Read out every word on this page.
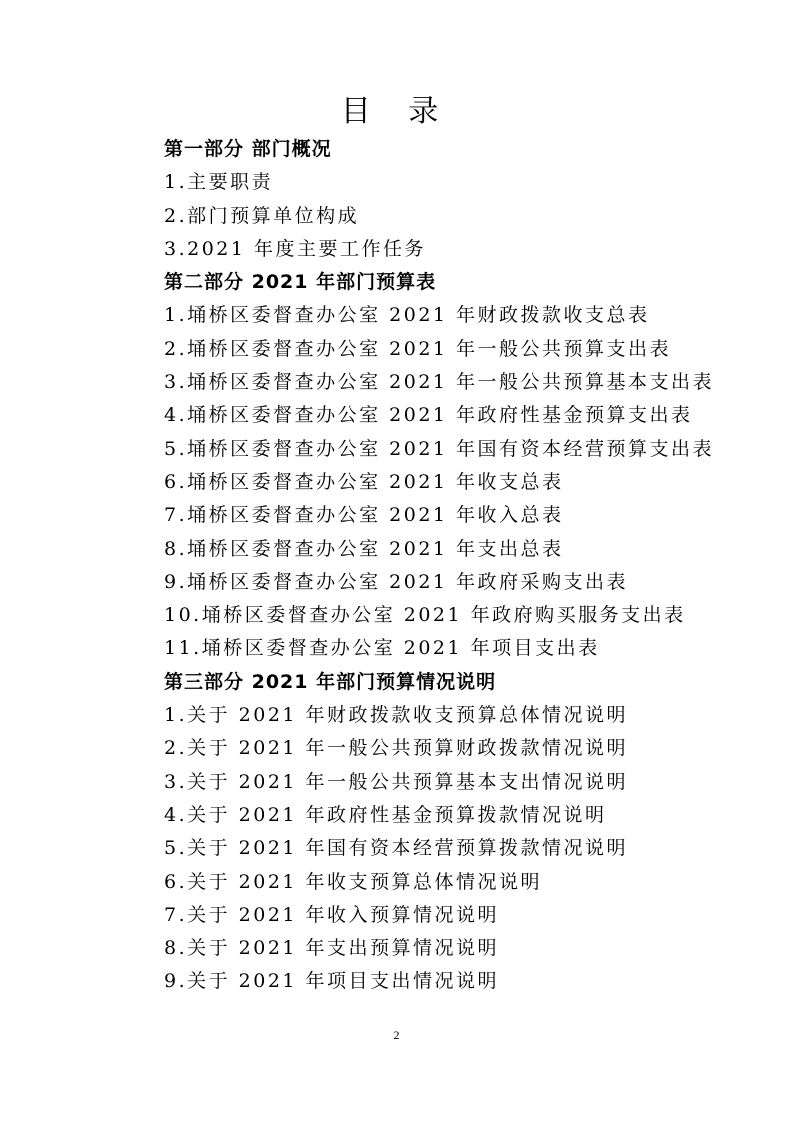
目 录
第一部分 部门概况
1.主要职责
2.部门预算单位构成
3.2021 年度主要工作任务
第二部分 2021 年部门预算表
1.埇桥区委督查办公室 2021 年财政拨款收支总表
2.埇桥区委督查办公室 2021 年一般公共预算支出表
3.埇桥区委督查办公室 2021 年一般公共预算基本支出表
4.埇桥区委督查办公室 2021 年政府性基金预算支出表
5.埇桥区委督查办公室 2021 年国有资本经营预算支出表
6.埇桥区委督查办公室 2021 年收支总表
7.埇桥区委督查办公室 2021 年收入总表
8.埇桥区委督查办公室 2021 年支出总表
9.埇桥区委督查办公室 2021 年政府采购支出表
10.埇桥区委督查办公室 2021 年政府购买服务支出表
11.埇桥区委督查办公室 2021 年项目支出表
第三部分 2021 年部门预算情况说明
1.关于 2021 年财政拨款收支预算总体情况说明
2.关于 2021 年一般公共预算财政拨款情况说明
3.关于 2021 年一般公共预算基本支出情况说明
4.关于 2021 年政府性基金预算拨款情况说明
5.关于 2021 年国有资本经营预算拨款情况说明
6.关于 2021 年收支预算总体情况说明
7.关于 2021 年收入预算情况说明
8.关于 2021 年支出预算情况说明
9.关于 2021 年项目支出情况说明
2
